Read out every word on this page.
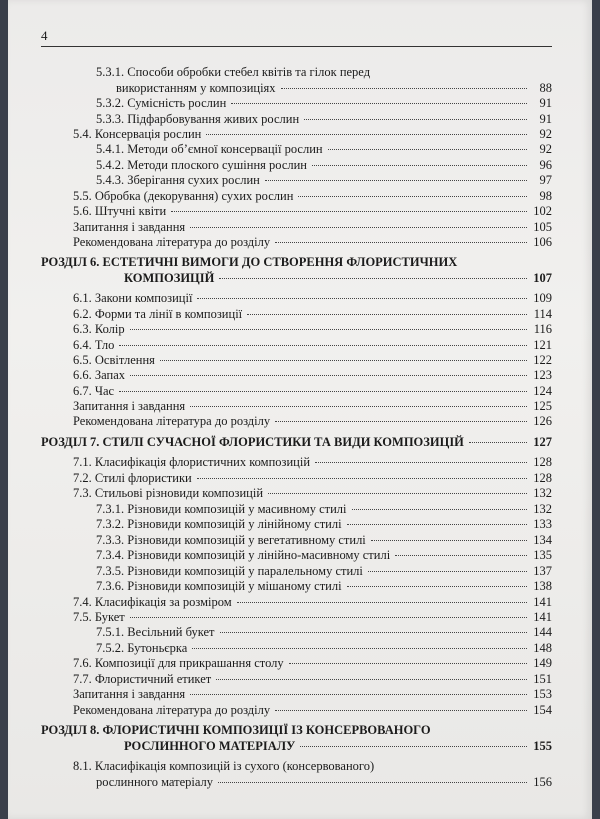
4
5.3.1. Способи обробки стебел квітів та гілок перед
використанням у композиціях	88
5.3.2. Сумісність рослин	91
5.3.3. Підфарбовування живих рослин	91
5.4. Консервація рослин	92
5.4.1. Методи об’ємної консервації рослин	92
5.4.2. Методи плоского сушіння рослин	96
5.4.3. Зберігання сухих рослин	97
5.5. Обробка (декорування) сухих рослин	98
5.6. Штучні квіти	102
Запитання і завдання	105
Рекомендована література до розділу	106
РОЗДІЛ 6. ЕСТЕТИЧНІ ВИМОГИ ДО СТВОРЕННЯ ФЛОРИСТИЧНИХ
КОМПОЗИЦІЙ	107
6.1. Закони композиції	109
6.2. Форми та лінії в композиції	114
6.3. Колір	116
6.4. Тло	121
6.5. Освітлення	122
6.6. Запах	123
6.7. Час	124
Запитання і завдання	125
Рекомендована література до розділу	126
РОЗДІЛ 7. СТИЛІ СУЧАСНОЇ ФЛОРИСТИКИ ТА ВИДИ КОМПОЗИЦІЙ	127
7.1. Класифікація флористичних композицій	128
7.2. Стилі флористики	128
7.3. Стильові різновиди композицій	132
7.3.1. Різновиди композицій у масивному стилі	132
7.3.2. Різновиди композицій у лінійному стилі	133
7.3.3. Різновиди композицій у вегетативному стилі	134
7.3.4. Різновиди композицій у лінійно-масивному стилі	135
7.3.5. Різновиди композицій у паралельному стилі	137
7.3.6. Різновиди композицій у мішаному стилі	138
7.4. Класифікація за розміром	141
7.5. Букет	141
7.5.1. Весільний букет	144
7.5.2. Бутоньєрка	148
7.6. Композиції для прикрашання столу	149
7.7. Флористичний етикет	151
Запитання і завдання	153
Рекомендована література до розділу	154
РОЗДІЛ 8. ФЛОРИСТИЧНІ КОМПОЗИЦІЇ ІЗ КОНСЕРВОВАНОГО
РОСЛИННОГО МАТЕРІАЛУ	155
8.1. Класифікація композицій із сухого (консервованого)
рослинного матеріалу	156
